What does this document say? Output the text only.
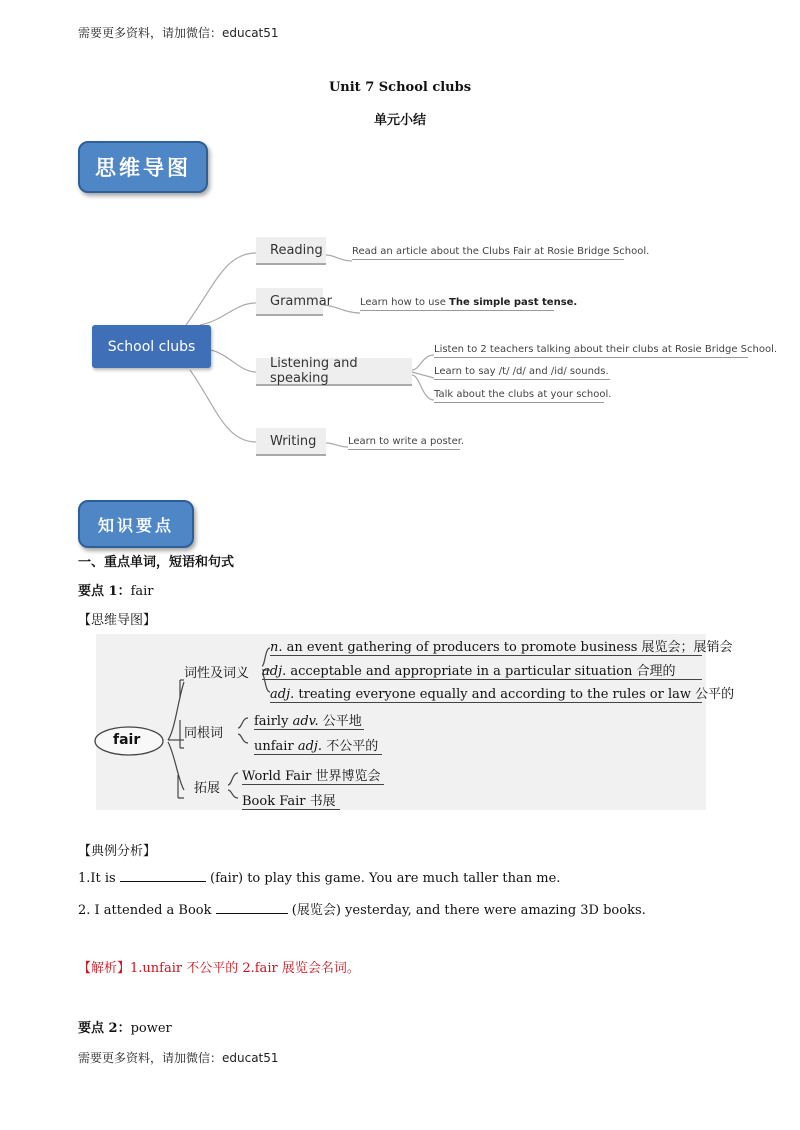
需要更多资料，请加微信：educat51
Unit 7 School clubs
单元小结
思维导图
School clubs
Reading
Grammar
Listening and speaking
Writing
Read an article about the Clubs Fair at Rosie Bridge School.
Learn how to use The simple past tense.
Listen to 2 teachers talking about their clubs at Rosie Bridge School.
Learn to say /t/ /d/ and /id/ sounds.
Talk about the clubs at your school.
Learn to write a poster.
知识要点
一、重点单词，短语和句式
要点 1：fair
【思维导图】
fair
词性及词义
同根词
拓展
n. an event gathering of producers to promote business 展览会；展销会
adj. acceptable and appropriate in a particular situation 合理的
adj. treating everyone equally and according to the rules or law 公平的
fairly adv. 公平地
unfair adj. 不公平的
World Fair 世界博览会
Book Fair 书展
【典例分析】
1.It is	(fair) to play this game. You are much taller than me.
2. I attended a Book	(展览会) yesterday, and there were amazing 3D books.
【解析】1.unfair 不公平的 2.fair 展览会名词。
要点 2：power
需要更多资料，请加微信：educat51
